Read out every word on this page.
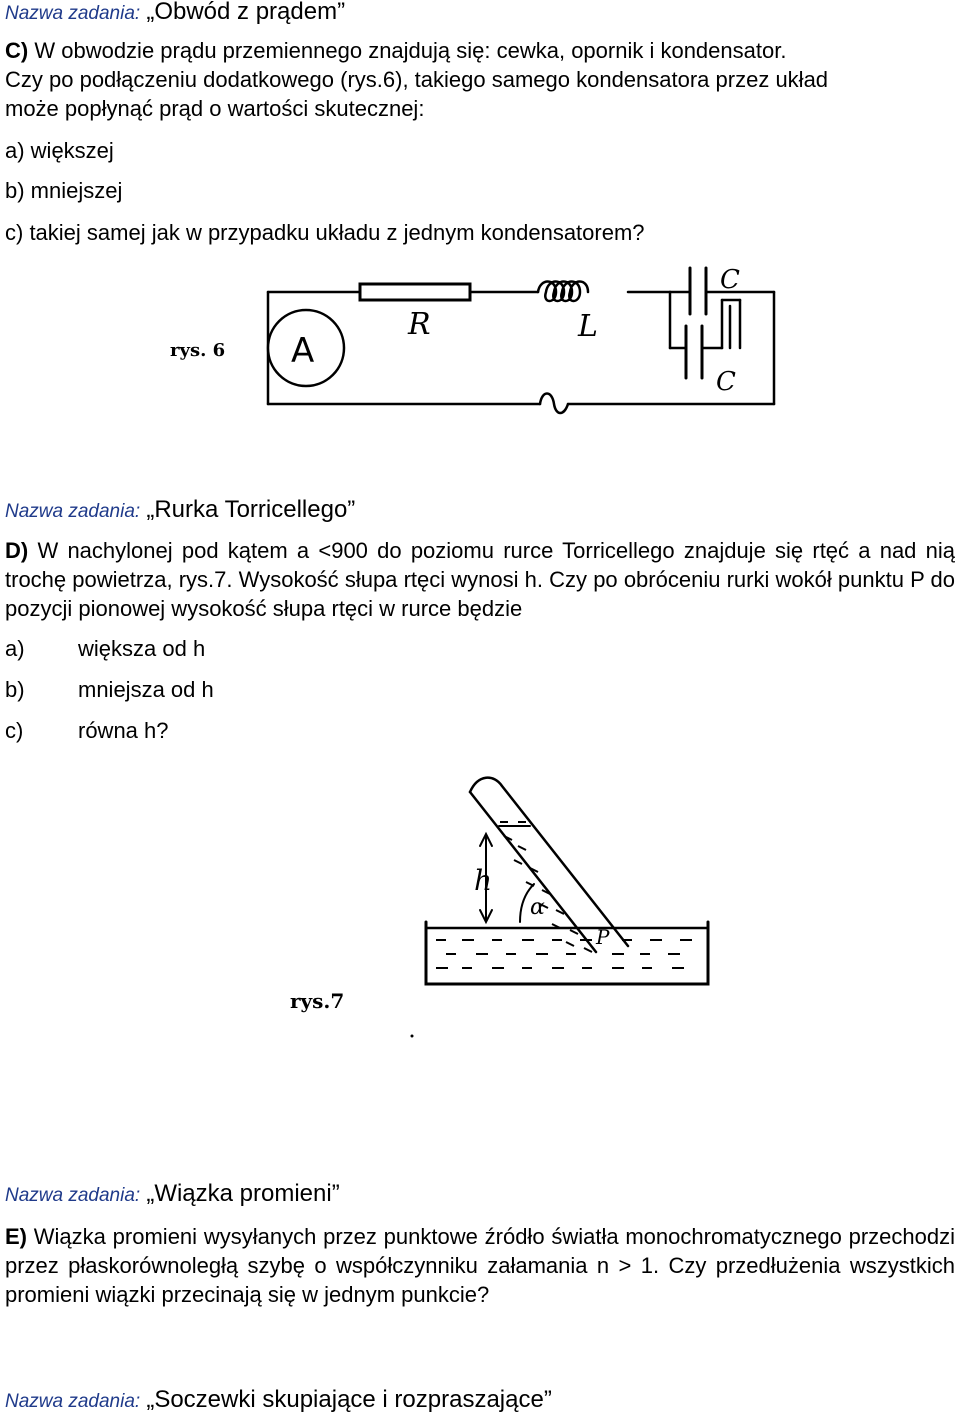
Nazwa zadania: „Obwód z prądem”
C) W obwodzie prądu przemiennego znajdują się: cewka, opornik i kondensator.
Czy po podłączeniu dodatkowego (rys.6), takiego samego kondensatora przez układ
może popłynąć prąd o wartości skutecznej:
a) większej
b) mniejszej
c) takiej samej jak w przypadku układu z jednym kondensatorem?
rys. 6 A
R	L
C
C
Nazwa zadania: „Rurka Torricellego”
D) W nachylonej pod kątem a <900 do poziomu rurce Torricellego znajduje się rtęć a nad nią trochę powietrza, rys.7. Wysokość słupa rtęci wynosi h. Czy po obróceniu rurki wokół punktu P do pozycji pionowej wysokość słupa rtęci w rurce będzie
a) większa od h
b) mniejsza od h
c) równa h?
h
α
P
rys.7
Nazwa zadania: „Wiązka promieni”
E) Wiązka promieni wysyłanych przez punktowe źródło światła monochromatycznego przechodzi przez płaskorównoległą szybę o współczynniku załamania n > 1. Czy przedłużenia wszystkich promieni wiązki przecinają się w jednym punkcie?
Nazwa zadania: „Soczewki skupiające i rozpraszające”
